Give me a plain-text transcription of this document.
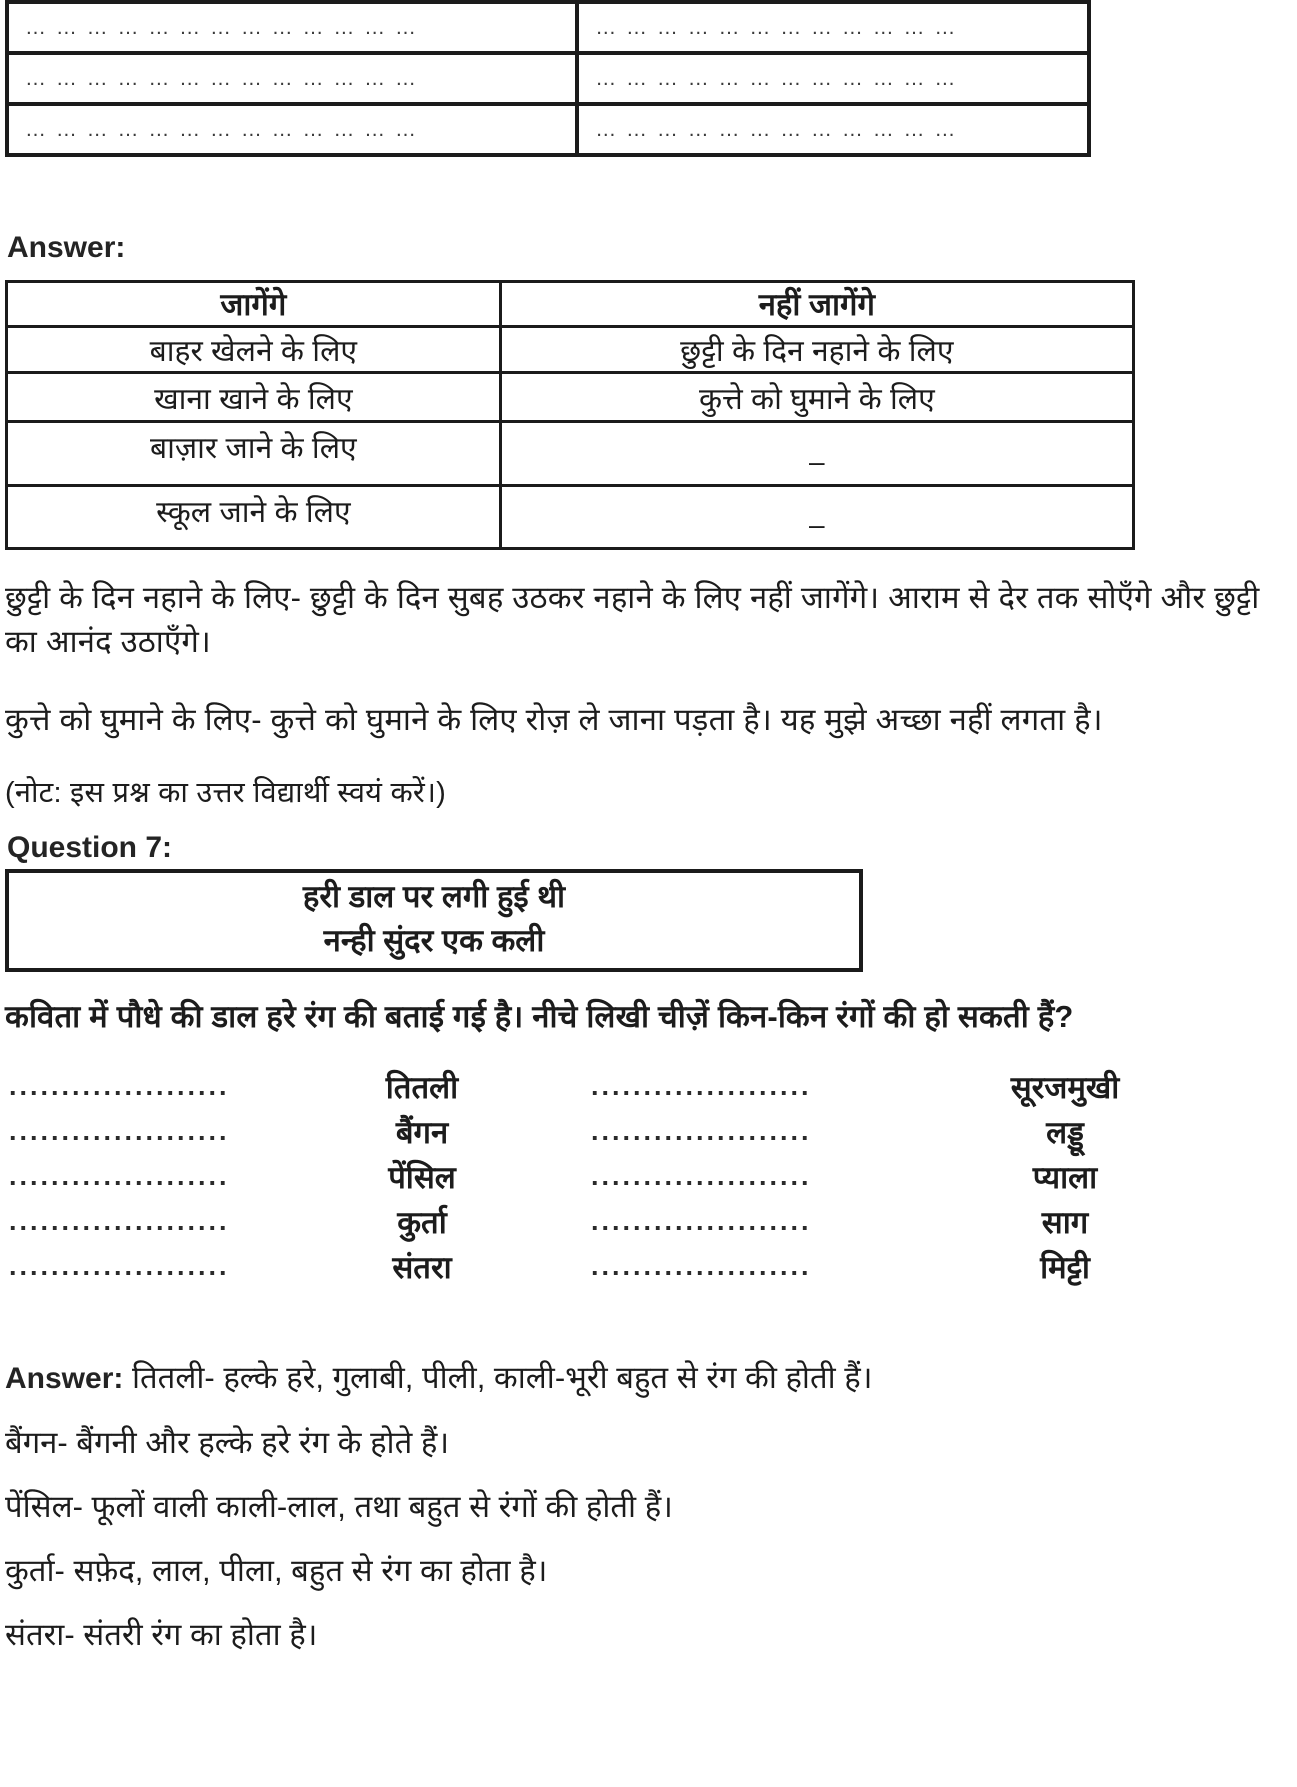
… … … … … … … … … … … … …	… … … … … … … … … … … …
… … … … … … … … … … … … …	… … … … … … … … … … … …
… … … … … … … … … … … … …	… … … … … … … … … … … …
Answer:
जागेंगे	नहीं जागेंगे
बाहर खेलने के लिए	छुट्टी के दिन नहाने के लिए
खाना खाने के लिए	कुत्ते को घुमाने के लिए
बाज़ार जाने के लिए	–
स्कूल जाने के लिए	–
छुट्टी के दिन नहाने के लिए- छुट्टी के दिन सुबह उठकर नहाने के लिए नहीं जागेंगे। आराम से देर तक सोएँगे और छुट्टी का आनंद उठाएँगे।
कुत्ते को घुमाने के लिए- कुत्ते को घुमाने के लिए रोज़ ले जाना पड़ता है। यह मुझे अच्छा नहीं लगता है।
(नोट: इस प्रश्न का उत्तर विद्यार्थी स्वयं करें।)
Question 7:
हरी डाल पर लगी हुई थी
नन्ही सुंदर एक कली
कविता में पौधे की डाल हरे रंग की बताई गई है। नीचे लिखी चीज़ें किन-किन रंगों की हो सकती हैं?
.....................	तितली	.....................	सूरजमुखी
.....................	बैंगन	.....................	लड्डू
.....................	पेंसिल	.....................	प्याला
.....................	कुर्ता	.....................	साग
.....................	संतरा	.....................	मिट्टी

Answer: तितली- हल्के हरे, गुलाबी, पीली, काली-भूरी बहुत से रंग की होती हैं।

बैंगन- बैंगनी और हल्के हरे रंग के होते हैं।

पेंसिल- फूलों वाली काली-लाल, तथा बहुत से रंगों की होती हैं।

कुर्ता- सफ़ेद, लाल, पीला, बहुत से रंग का होता है।

संतरा- संतरी रंग का होता है।
